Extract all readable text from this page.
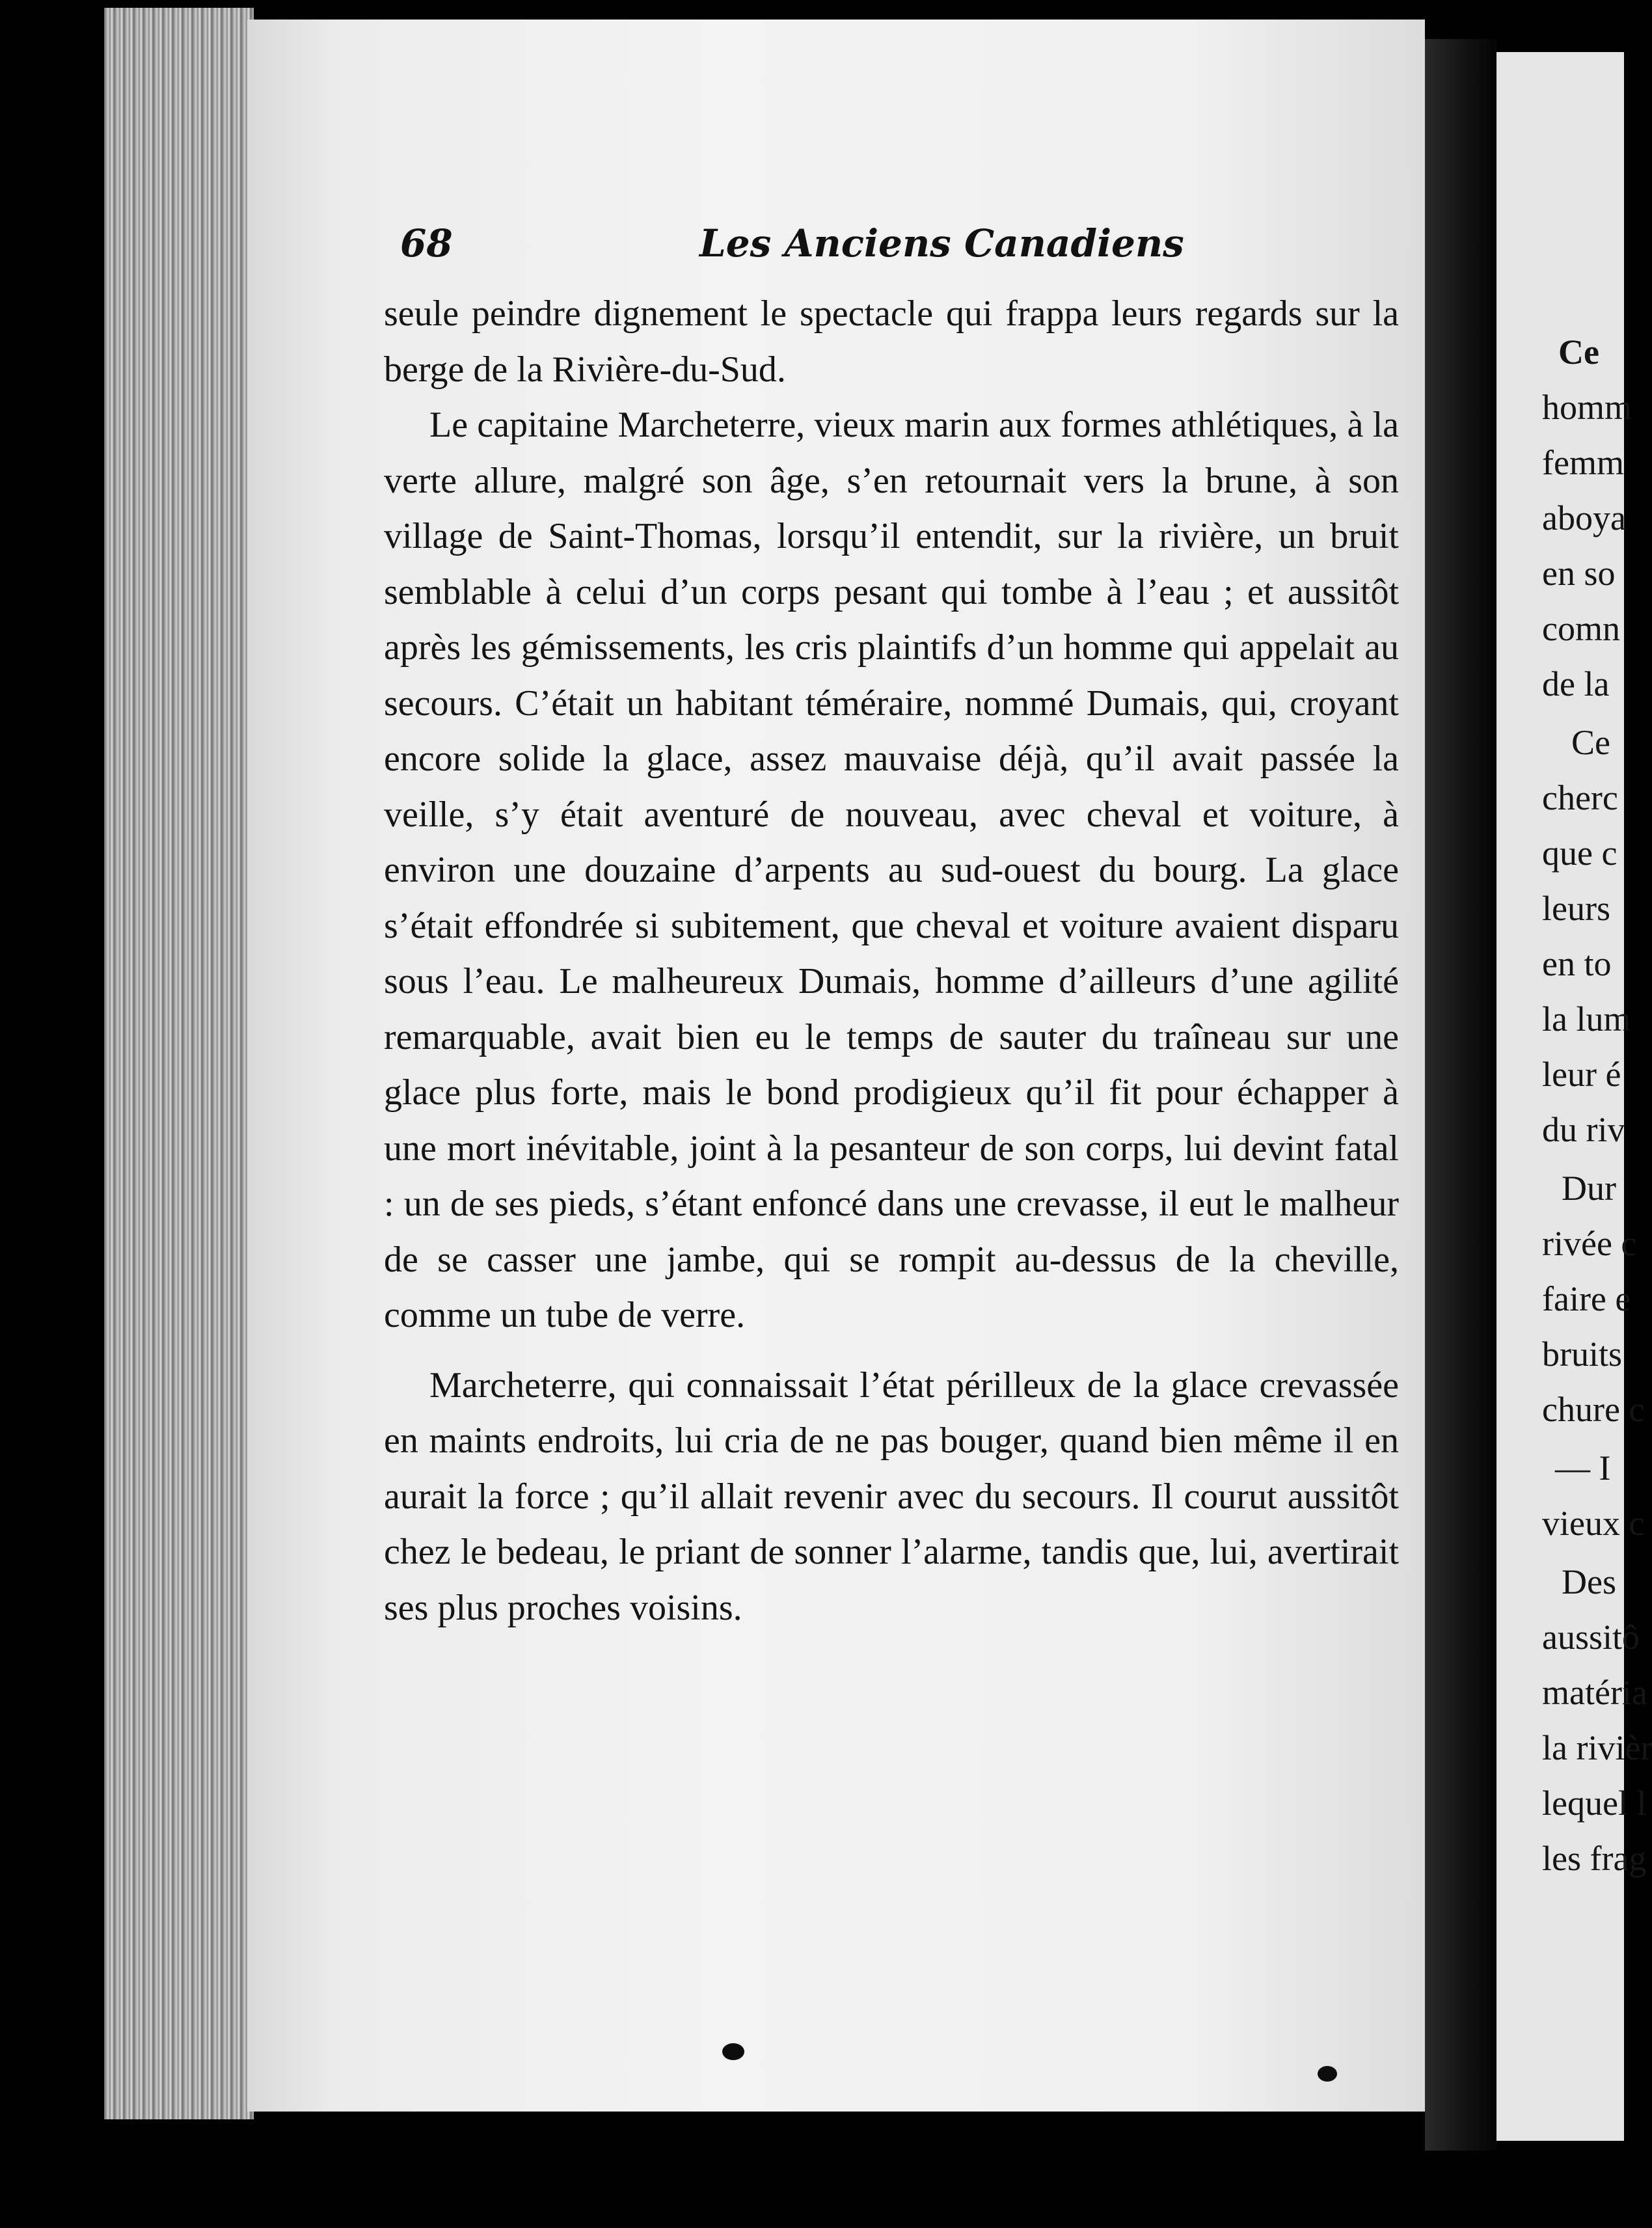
Ce
homm
femm
aboya
en so
comn
de la
Ce
cherc
que c
leurs
en to
la lum
leur é
du riv
Dur
rivée c
faire e
bruits
chure c
— I
vieux c
Des
aussitô
matéria
la rivièr
lequel l
les frag
68	Les Anciens Canadiens

seule peindre dignement le spectacle qui frappa leurs regards sur la berge de la Rivière-du-Sud.

Le capitaine Marcheterre, vieux marin aux formes athlétiques, à la verte allure, malgré son âge, s’en retournait vers la brune, à son village de Saint-Thomas, lorsqu’il entendit, sur la rivière, un bruit semblable à celui d’un corps pesant qui tombe à l’eau ; et aussitôt après les gémissements, les cris plaintifs d’un homme qui appelait au secours. C’était un habitant téméraire, nommé Dumais, qui, croyant encore solide la glace, assez mauvaise déjà, qu’il avait passée la veille, s’y était aventuré de nouveau, avec cheval et voiture, à environ une douzaine d’arpents au sud-ouest du bourg. La glace s’était effondrée si subitement, que cheval et voiture avaient disparu sous l’eau. Le malheureux Dumais, homme d’ailleurs d’une agilité remarquable, avait bien eu le temps de sauter du traîneau sur une glace plus forte, mais le bond prodigieux qu’il fit pour échapper à une mort inévitable, joint à la pesanteur de son corps, lui devint fatal : un de ses pieds, s’étant enfoncé dans une crevasse, il eut le malheur de se casser une jambe, qui se rompit au-dessus de la cheville, comme un tube de verre.

Marcheterre, qui connaissait l’état périlleux de la glace crevassée en maints endroits, lui cria de ne pas bouger, quand bien même il en aurait la force ; qu’il allait revenir avec du secours. Il courut aussitôt chez le bedeau, le priant de sonner l’alarme, tandis que, lui, avertirait ses plus proches voisins.
